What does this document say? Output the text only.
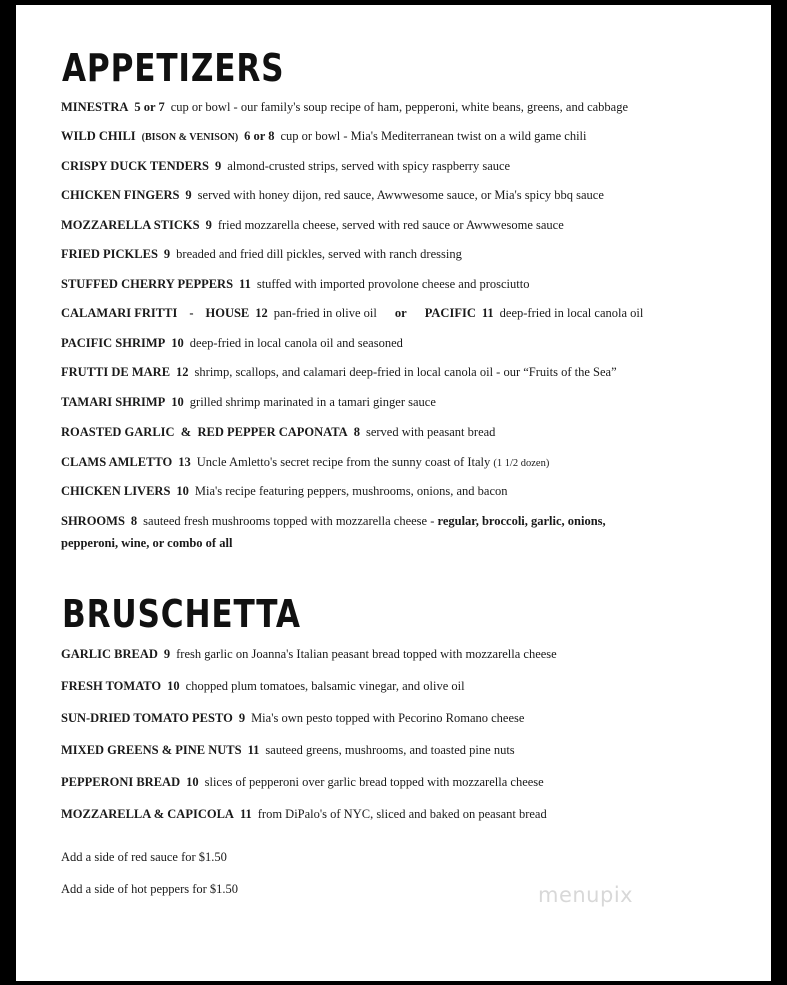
APPETIZERS
MINESTRA 5 or 7 cup or bowl - our family's soup recipe of ham, pepperoni, white beans, greens, and cabbage
WILD CHILI (BISON & VENISON) 6 or 8 cup or bowl - Mia's Mediterranean twist on a wild game chili
CRISPY DUCK TENDERS 9 almond-crusted strips, served with spicy raspberry sauce
CHICKEN FINGERS 9 served with honey dijon, red sauce, Awwwesome sauce, or Mia's spicy bbq sauce
MOZZARELLA STICKS 9 fried mozzarella cheese, served with red sauce or Awwwesome sauce
FRIED PICKLES 9 breaded and fried dill pickles, served with ranch dressing
STUFFED CHERRY PEPPERS 11 stuffed with imported provolone cheese and prosciutto
CALAMARI FRITTI - HOUSE 12 pan-fried in olive oil or PACIFIC 11 deep-fried in local canola oil
PACIFIC SHRIMP 10 deep-fried in local canola oil and seasoned
FRUTTI DE MARE 12 shrimp, scallops, and calamari deep-fried in local canola oil - our “Fruits of the Sea”
TAMARI SHRIMP 10 grilled shrimp marinated in a tamari ginger sauce
ROASTED GARLIC  &  RED PEPPER CAPONATA 8 served with peasant bread
CLAMS AMLETTO 13 Uncle Amletto's secret recipe from the sunny coast of Italy (1 1/2 dozen)
CHICKEN LIVERS 10 Mia's recipe featuring peppers, mushrooms, onions, and bacon
SHROOMS 8 sauteed fresh mushrooms topped with mozzarella cheese - regular, broccoli, garlic, onions, pepperoni, wine, or combo of all
BRUSCHETTA
GARLIC BREAD 9 fresh garlic on Joanna's Italian peasant bread topped with mozzarella cheese
FRESH TOMATO 10 chopped plum tomatoes, balsamic vinegar, and olive oil
SUN-DRIED TOMATO PESTO 9 Mia's own pesto topped with Pecorino Romano cheese
MIXED GREENS & PINE NUTS 11 sauteed greens, mushrooms, and toasted pine nuts
PEPPERONI BREAD 10 slices of pepperoni over garlic bread topped with mozzarella cheese
MOZZARELLA & CAPICOLA 11 from DiPalo's of NYC, sliced and baked on peasant bread
Add a side of red sauce for $1.50
Add a side of hot peppers for $1.50	menupix
